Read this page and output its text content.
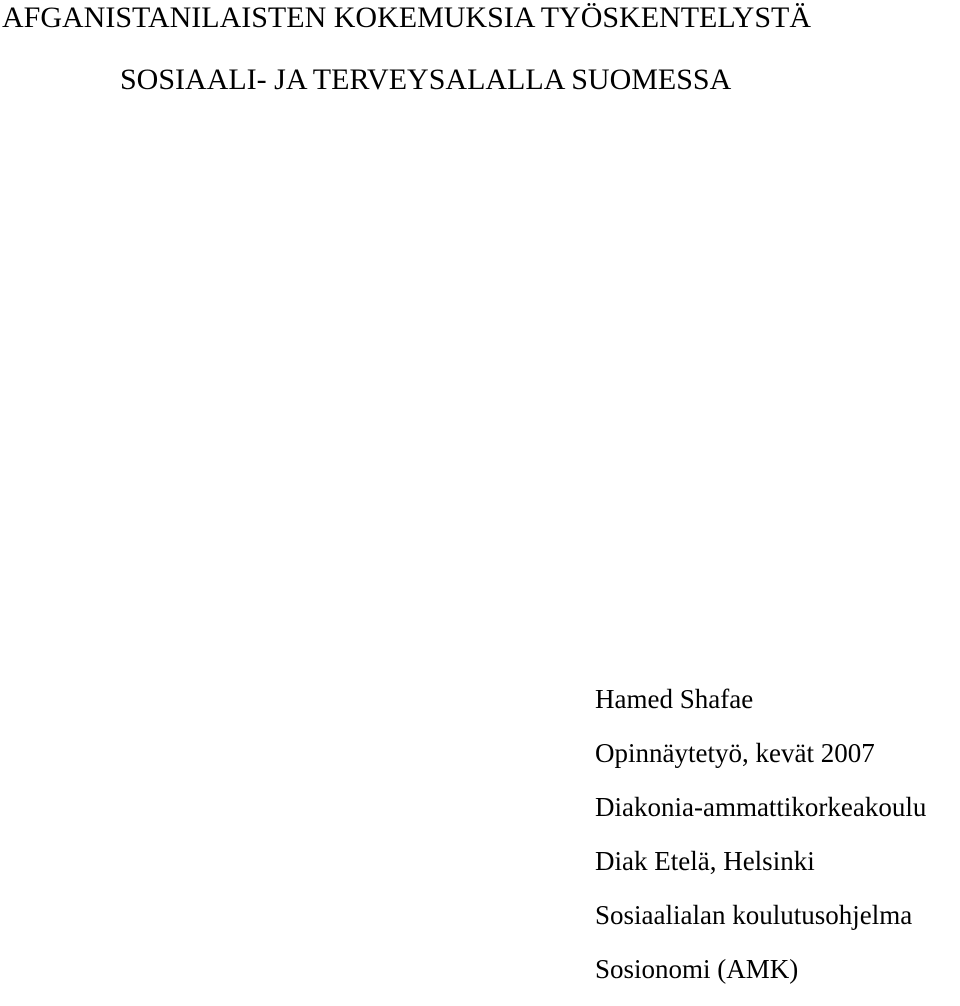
AFGANISTANILAISTEN KOKEMUKSIA TYÖSKENTELYSTÄ
SOSIAALI- JA TERVEYSALALLA SUOMESSA
Hamed Shafae
Opinnäytetyö, kevät 2007
Diakonia-ammattikorkeakoulu
Diak Etelä, Helsinki
Sosiaalialan koulutusohjelma
Sosionomi (AMK)
